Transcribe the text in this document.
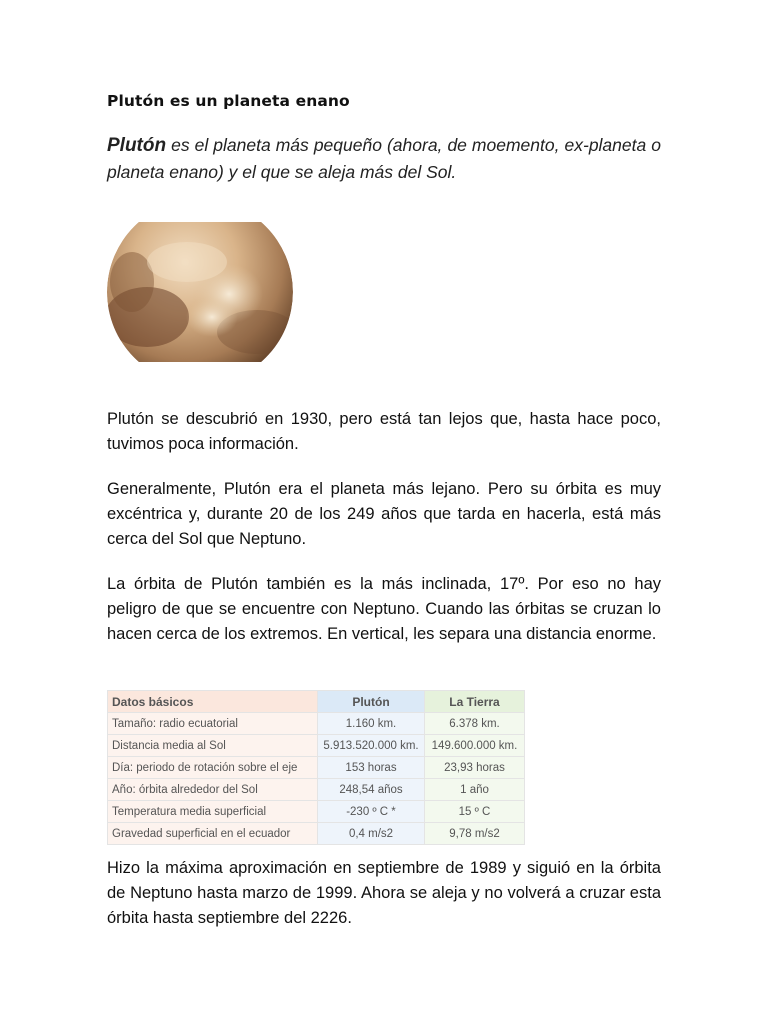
Plutón es un planeta enano
Plutón es el planeta más pequeño (ahora, de moemento, ex-planeta o planeta enano) y el que se aleja más del Sol.
Plutón se descubrió en 1930, pero está tan lejos que, hasta hace poco, tuvimos poca información.
Generalmente, Plutón era el planeta más lejano. Pero su órbita es muy excéntrica y, durante 20 de los 249 años que tarda en hacerla, está más cerca del Sol que Neptuno.
La órbita de Plutón también es la más inclinada, 17º. Por eso no hay peligro de que se encuentre con Neptuno. Cuando las órbitas se cruzan lo hacen cerca de los extremos. En vertical, les separa una distancia enorme.
Datos básicos	Plutón	La Tierra
Tamaño: radio ecuatorial	1.160 km.	6.378 km.
Distancia media al Sol	5.913.520.000 km.	149.600.000 km.
Día: periodo de rotación sobre el eje	153 horas	23,93 horas
Año: órbita alrededor del Sol	248,54 años	1 año
Temperatura media superficial	-230 º C *	15 º C
Gravedad superficial en el ecuador	0,4 m/s2	9,78 m/s2
Hizo la máxima aproximación en septiembre de 1989 y siguió en la órbita de Neptuno hasta marzo de 1999. Ahora se aleja y no volverá a cruzar esta órbita hasta septiembre del 2226.
